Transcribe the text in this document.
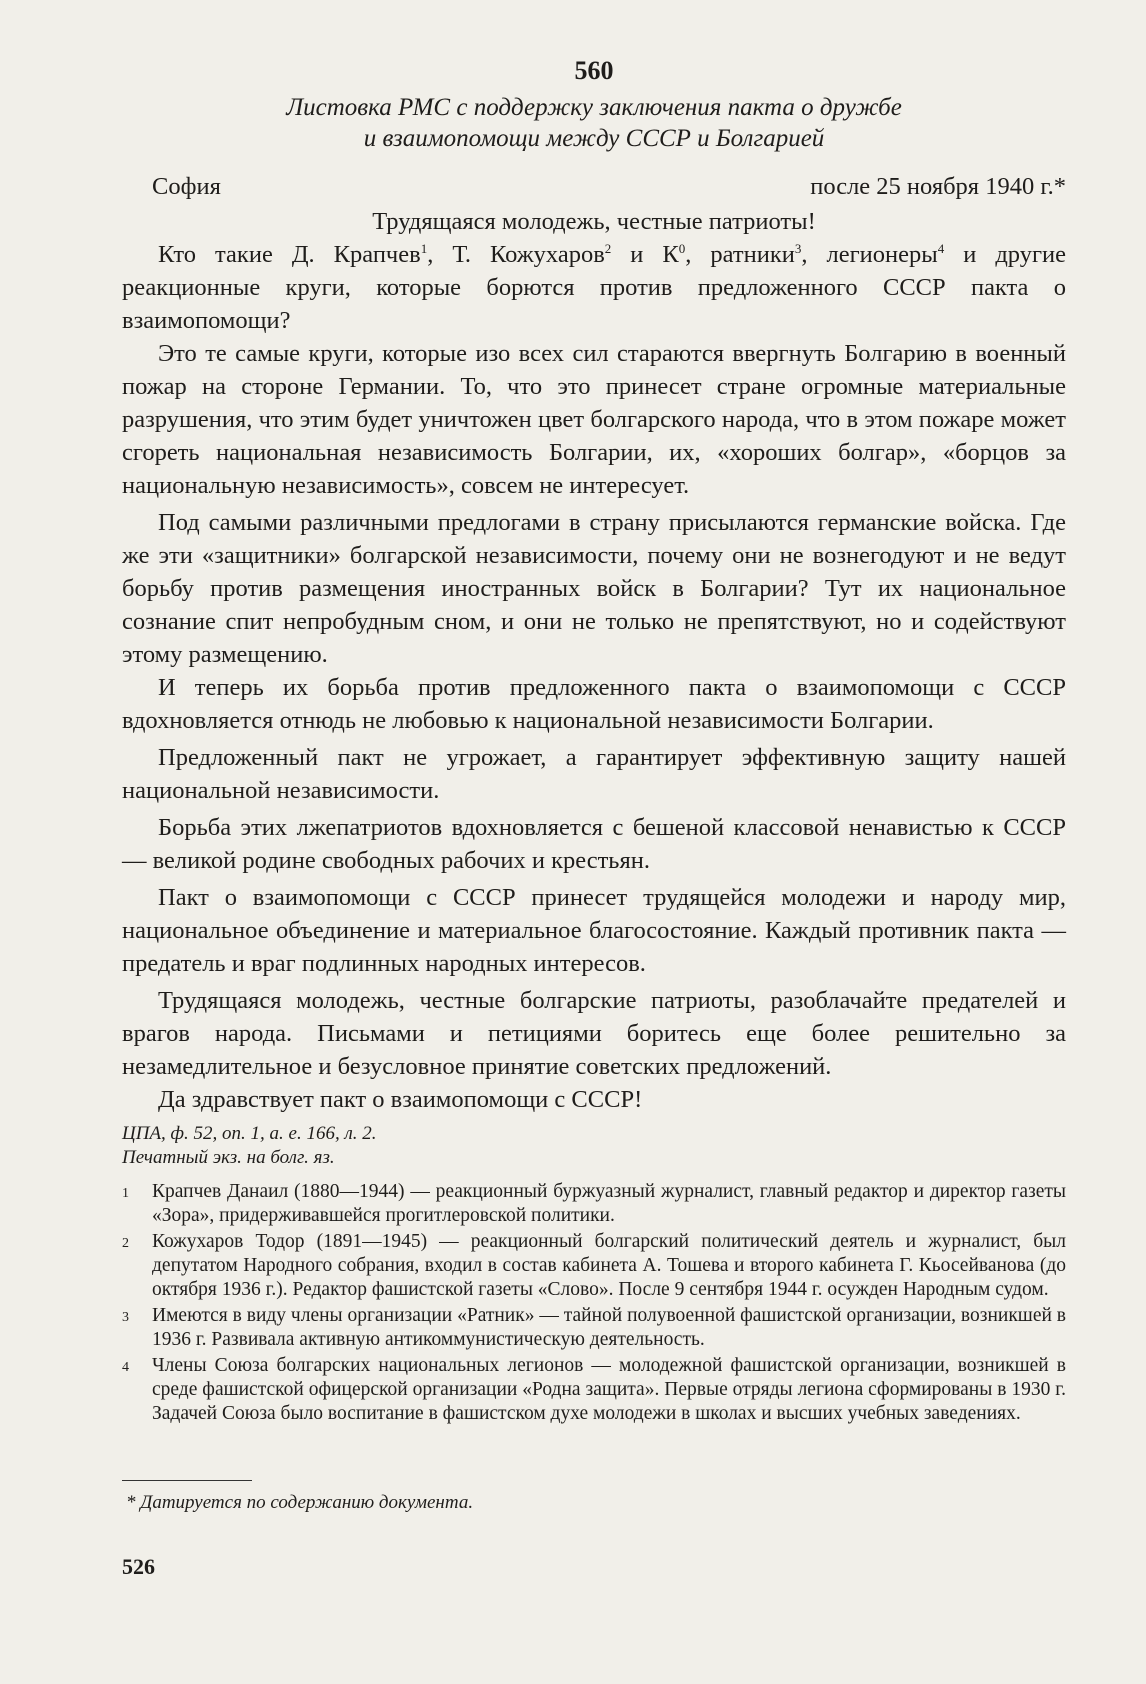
560
Листовка РМС с поддержку заключения пакта о дружбе
и взаимопомощи между СССР и Болгарией
София	после 25 ноября 1940 г.*

Трудящаяся молодежь, честные патриоты!

Кто такие Д. Крапчев$^1$, Т. Кожухаров$^2$ и $К^0$, ратники$^3$, легионеры$^4$ и другие реакционные круги, которые борются против предложенного СССР пакта о взаимопомощи?

Это те самые круги, которые изо всех сил стараются ввергнуть Болгарию в военный пожар на стороне Германии. То, что это принесет стране огромные материальные разрушения, что этим будет уничтожен цвет болгарского народа, что в этом пожаре может сгореть национальная независимость Болгарии, их, «хороших болгар», «борцов за национальную независимость», совсем не интересует.

Под самыми различными предлогами в страну присылаются германские войска. Где же эти «защитники» болгарской независимости, почему они не вознегодуют и не ведут борьбу против размещения иностранных войск в Болгарии? Тут их национальное сознание спит непробудным сном, и они не только не препятствуют, но и содействуют этому размещению.

И теперь их борьба против предложенного пакта о взаимопомощи с СССР вдохновляется отнюдь не любовью к национальной независимости Болгарии.

Предложенный пакт не угрожает, а гарантирует эффективную защиту нашей национальной независимости.

Борьба этих лжепатриотов вдохновляется с бешеной классовой ненавистью к СССР — великой родине свободных рабочих и крестьян.

Пакт о взаимопомощи с СССР принесет трудящейся молодежи и народу мир, национальное объединение и материальное благосостояние. Каждый противник пакта — предатель и враг подлинных народных интересов.

Трудящаяся молодежь, честные болгарские патриоты, разоблачайте предателей и врагов народа. Письмами и петициями боритесь еще более решительно за незамедлительное и безусловное принятие советских предложений.

Да здравствует пакт о взаимопомощи с СССР!

ЦПА, ф. 52, оп. 1, а. е. 166, л. 2.
Печатный экз. на болг. яз.
1	Крапчев Данаил (1880—1944) — реакционный буржуазный журналист, главный редактор и директор газеты «Зора», придерживавшейся прогитлеровской политики.
2	Кожухаров Тодор (1891—1945) — реакционный болгарский политический деятель и журналист, был депутатом Народного собрания, входил в состав кабинета А. Тошева и второго кабинета Г. Кьосейванова (до октября 1936 г.). Редактор фашистской газеты «Слово». После 9 сентября 1944 г. осужден Народным судом.
3	Имеются в виду члены организации «Ратник» — тайной полувоенной фашистской организации, возникшей в 1936 г. Развивала активную антикоммунистическую деятельность.
4	Члены Союза болгарских национальных легионов — молодежной фашистской организации, возникшей в среде фашистской офицерской организации «Родна защита». Первые отряды легиона сформированы в 1930 г. Задачей Союза было воспитание в фашистском духе молодежи в школах и высших учебных заведениях.
* Датируется по содержанию документа.
526
